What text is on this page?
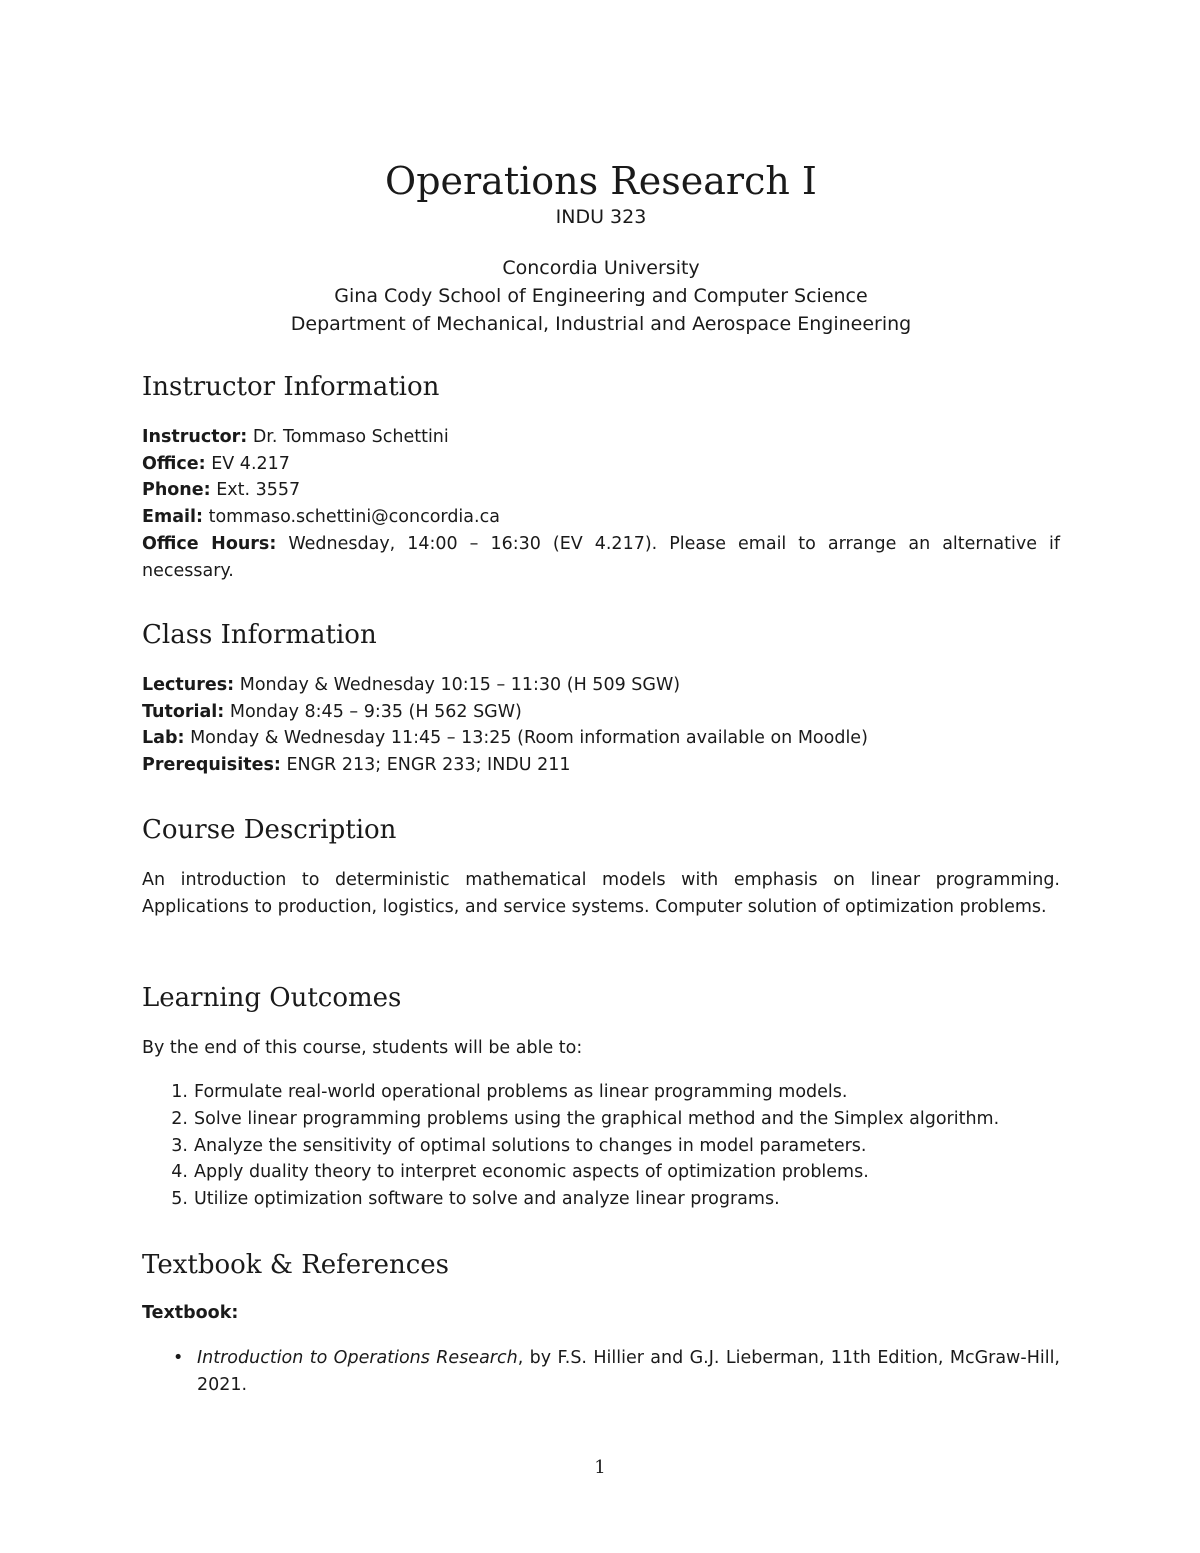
Operations Research I
INDU 323
Concordia University
Gina Cody School of Engineering and Computer Science
Department of Mechanical, Industrial and Aerospace Engineering
Instructor Information
Instructor: Dr. Tommaso Schettini
Office: EV 4.217
Phone: Ext. 3557
Email: tommaso.schettini@concordia.ca
Office Hours: Wednesday, 14:00 – 16:30 (EV 4.217). Please email to arrange an alternative if necessary.
Class Information
Lectures: Monday & Wednesday 10:15 – 11:30 (H 509 SGW)
Tutorial: Monday 8:45 – 9:35 (H 562 SGW)
Lab: Monday & Wednesday 11:45 – 13:25 (Room information available on Moodle)
Prerequisites: ENGR 213; ENGR 233; INDU 211
Course Description
An introduction to deterministic mathematical models with emphasis on linear programming. Applications to production, logistics, and service systems. Computer solution of optimization problems.
Learning Outcomes
By the end of this course, students will be able to:
1. Formulate real-world operational problems as linear programming models.
2. Solve linear programming problems using the graphical method and the Simplex algorithm.
3. Analyze the sensitivity of optimal solutions to changes in model parameters.
4. Apply duality theory to interpret economic aspects of optimization problems.
5. Utilize optimization software to solve and analyze linear programs.
Textbook & References
Textbook:
• Introduction to Operations Research, by F.S. Hillier and G.J. Lieberman, 11th Edition, McGraw-Hill, 2021.
1
